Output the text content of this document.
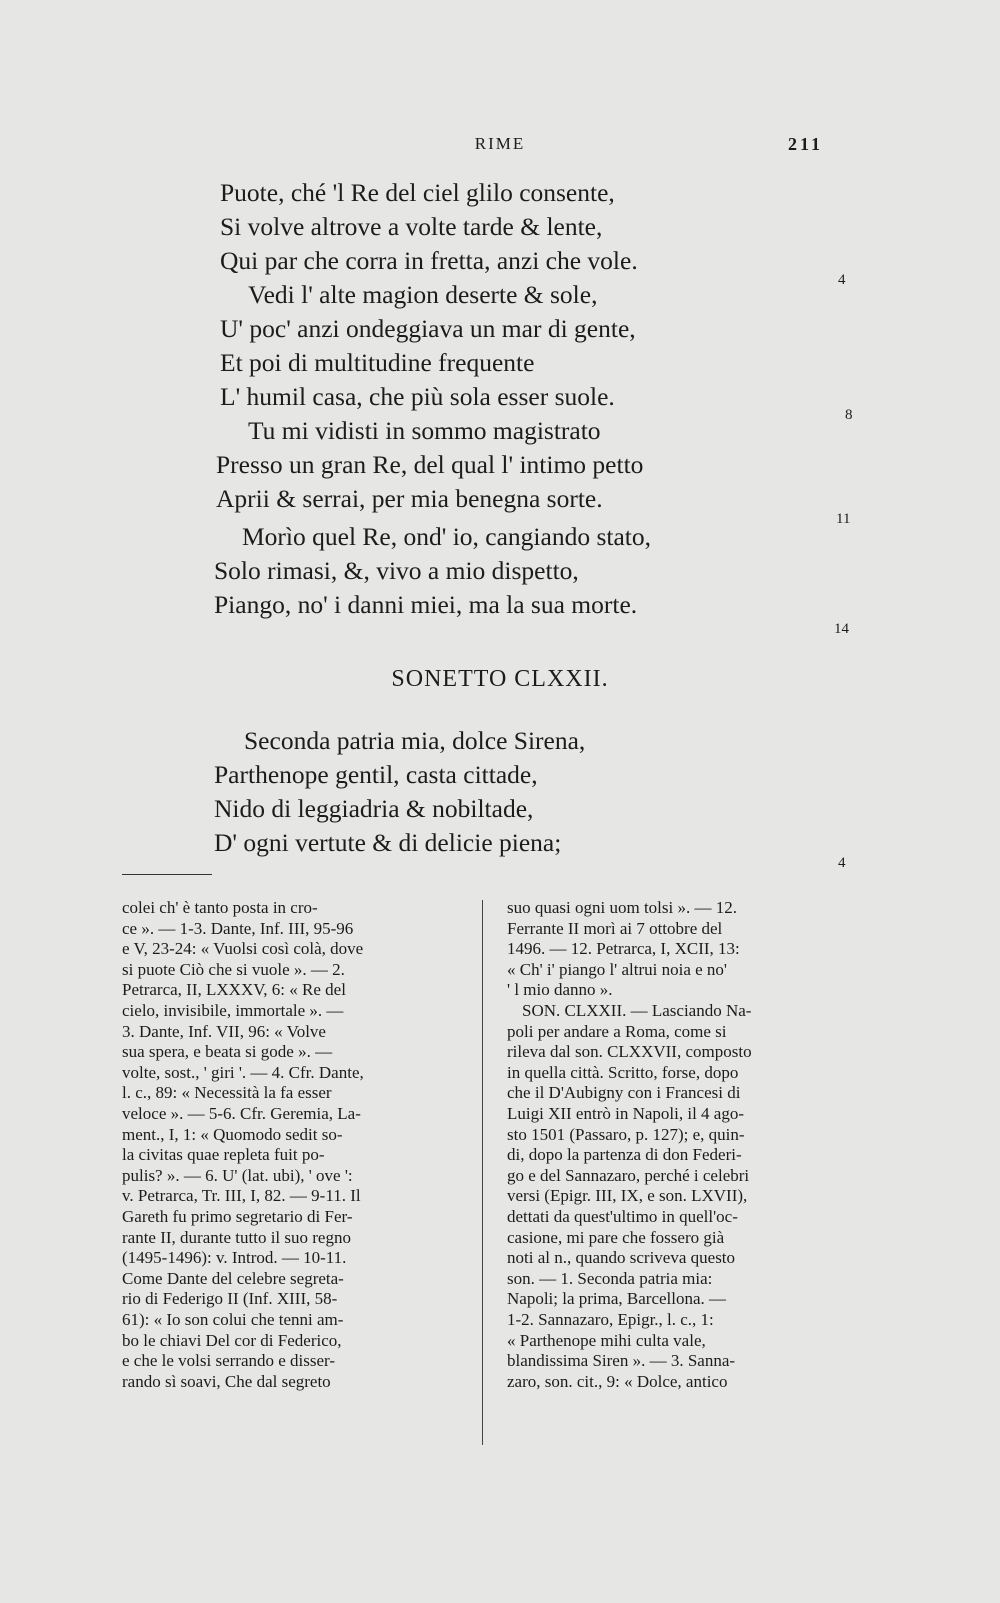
RIME	211
Puote, ché 'l Re del ciel glilo consente,
Si volve altrove a volte tarde & lente,
Qui par che corra in fretta, anzi che vole.
Vedi l' alte magion deserte & sole,
U' poc' anzi ondeggiava un mar di gente,
Et poi di multitudine frequente
L' humil casa, che più sola esser suole.
Tu mi vidisti in sommo magistrato
Presso un gran Re, del qual l' intimo petto
Aprii & serrai, per mia benegna sorte.
Morìo quel Re, ond' io, cangiando stato,
Solo rimasi, &, vivo a mio dispetto,
Piango, no' i danni miei, ma la sua morte.
4
8
11
14
SONETTO CLXXII.
Seconda patria mia, dolce Sirena,
Parthenope gentil, casta cittade,
Nido di leggiadria & nobiltade,
D' ogni vertute & di delicie piena;
4
colei ch' è tanto posta in cro-
ce ». — 1-3. Dante, Inf. III, 95-96
e V, 23-24: « Vuolsi così colà, dove
si puote Ciò che si vuole ». — 2.
Petrarca, II, LXXXV, 6: « Re del
cielo, invisibile, immortale ». —
3. Dante, Inf. VII, 96: « Volve
sua spera, e beata si gode ». —
volte, sost., ' giri '. — 4. Cfr. Dante,
l. c., 89: « Necessità la fa esser
veloce ». — 5-6. Cfr. Geremia, La-
ment., I, 1: « Quomodo sedit so-
la civitas quae repleta fuit po-
pulis? ». — 6. U' (lat. ubi), ' ove ':
v. Petrarca, Tr. III, I, 82. — 9-11. Il
Gareth fu primo segretario di Fer-
rante II, durante tutto il suo regno
(1495-1496): v. Introd. — 10-11.
Come Dante del celebre segreta-
rio di Federigo II (Inf. XIII, 58-
61): « Io son colui che tenni am-
bo le chiavi Del cor di Federico,
e che le volsi serrando e disser-
rando sì soavi, Che dal segreto
suo quasi ogni uom tolsi ». — 12.
Ferrante II morì ai 7 ottobre del
1496. — 12. Petrarca, I, XCII, 13:
« Ch' i' piango l' altrui noia e no'
' l mio danno ».
SON. CLXXII. — Lasciando Na-
poli per andare a Roma, come si
rileva dal son. CLXXVII, composto
in quella città. Scritto, forse, dopo
che il D'Aubigny con i Francesi di
Luigi XII entrò in Napoli, il 4 ago-
sto 1501 (Passaro, p. 127); e, quin-
di, dopo la partenza di don Federi-
go e del Sannazaro, perché i celebri
versi (Epigr. III, IX, e son. LXVII),
dettati da quest'ultimo in quell'oc-
casione, mi pare che fossero già
noti al n., quando scriveva questo
son. — 1. Seconda patria mia:
Napoli; la prima, Barcellona. —
1-2. Sannazaro, Epigr., l. c., 1:
« Parthenope mihi culta vale,
blandissima Siren ». — 3. Sanna-
zaro, son. cit., 9: « Dolce, antico
